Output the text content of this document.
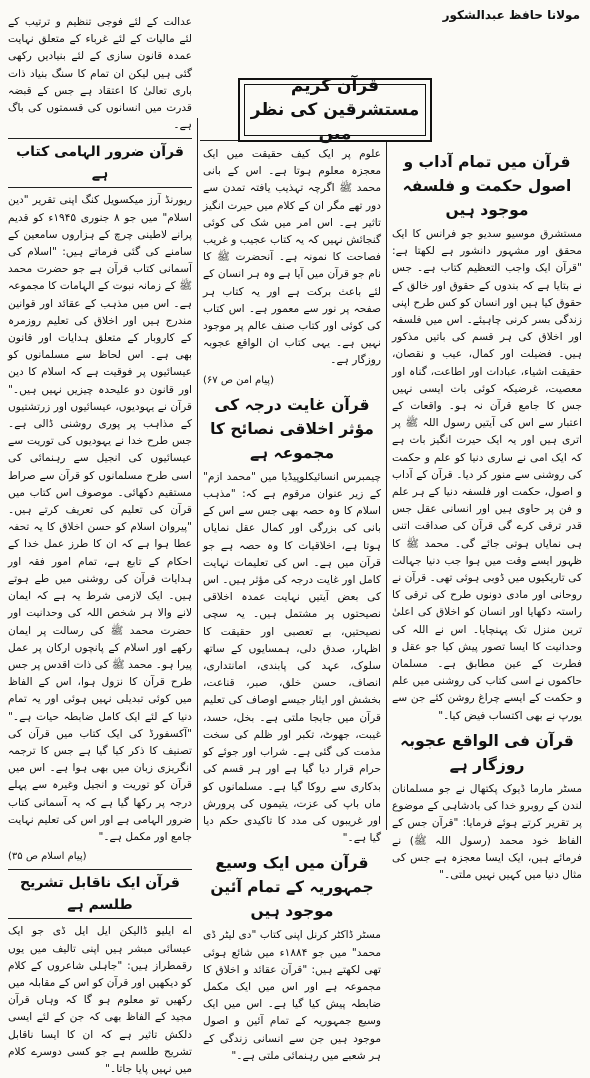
مولانا حافظ عبدالشکور
قرآن کریم مستشرقین کی نظر میں

عدالت کے لئے فوجی تنظیم و ترتیب کے لئے مالیات کے لئے غرباء کے متعلق نہایت عمدہ قانون سازی کے لئے بنیادیں رکھی گئی ہیں لیکن ان تمام کا سنگ بنیاد ذات باری تعالیٰ کا اعتقاد ہے جس کے قبضہ قدرت میں انسانوں کی قسمتوں کی باگ ہے۔

قرآن ضرور الہامی کتاب ہے

ریورنڈ آرز میکسویل کنگ اپنی تقریر "دین اسلام" میں جو ۸ جنوری ۱۹۴۵ء کو قدیم پرانے لاطینی چرچ کے ہزاروں سامعین کے سامنے کی گئی فرماتے ہیں: "اسلام کی آسمانی کتاب قرآن ہے جو حضرت محمد ﷺ کے زمانہ نبوت کے الہامات کا مجموعہ ہے۔ اس میں مذہب کے عقائد اور قوانین مندرج ہیں اور اخلاق کی تعلیم روزمرہ کے کاروبار کے متعلق ہدایات اور قانون بھی ہے۔ اس لحاظ سے مسلمانوں کو عیسائیوں پر فوقیت ہے کہ اسلام کا دین اور قانون دو علیحدہ چیزیں نہیں ہیں۔" قرآن نے یہودیوں، عیسائیوں اور زرتشتیوں کے مذاہب پر پوری روشنی ڈالی ہے۔ جس طرح خدا نے یہودیوں کی توریت سے عیسائیوں کی انجیل سے رہنمائی کی اسی طرح مسلمانوں کو قرآن سے صراط مستقیم دکھائی۔ موصوف اس کتاب میں قرآن کی تعلیم کی تعریف کرتے ہیں۔ "پیروان اسلام کو حسن اخلاق کا یہ تحفہ عطا ہوا ہے کہ ان کا طرز عمل خدا کے احکام کے تابع ہے، تمام امور فقہ اور ہدایات قرآن کی روشنی میں طے ہوتے ہیں۔ ایک لازمی شرط یہ ہے کہ ایمان لانے والا ہر شخص اللہ کی وحدانیت اور حضرت محمد ﷺ کی رسالت پر ایمان رکھے اور اسلام کے پانچوں ارکان پر عمل پیرا ہو۔ محمد ﷺ کی ذات اقدس پر جس طرح قرآن کا نزول ہوا، اس کے الفاظ میں کوئی تبدیلی نہیں ہوئی اور یہ تمام دنیا کے لئے ایک کامل ضابطہ حیات ہے۔" "آکسفورڈ کی ایک کتاب میں قرآن کی تصنیف کا ذکر کیا گیا ہے جس کا ترجمہ انگریزی زبان میں بھی ہوا ہے۔ اس میں قرآن کو توریت و انجیل وغیرہ سے پہلے درجہ پر رکھا گیا ہے کہ یہ آسمانی کتاب ضرور الہامی ہے اور اس کی تعلیم نہایت جامع اور مکمل ہے۔"

(پیام اسلام ص ۳۵)

قرآن ایک ناقابل تشریح طلسم ہے

اے ایلیو ڈالیکن ایل ایل ڈی جو ایک عیسائی مبشر ہیں اپنی تالیف میں یوں رقمطراز ہیں: "جاہلی شاعروں کے کلام کو دیکھیں اور قرآن کو اس کے مقابلہ میں رکھیں تو معلوم ہو گا کہ وہاں قرآن مجید کے الفاظ بھی کہ جن کے لئے ایسی دلکش تاثیر ہے کہ ان کا ایسا ناقابل تشریح طلسم ہے جو کسی دوسرے کلام میں نہیں پایا جاتا۔"

علوم پر ایک کیف حقیقت میں ایک معجزہ معلوم ہوتا ہے۔ اس کے بانی محمد ﷺ اگرچہ تہذیب یافتہ تمدن سے دور تھے مگر ان کے کلام میں حیرت انگیز تاثیر ہے۔ اس امر میں شک کی کوئی گنجائش نہیں کہ یہ کتاب عجیب و غریب فصاحت کا نمونہ ہے۔ آنحضرت ﷺ کا نام جو قرآن میں آیا ہے وہ ہر انسان کے لئے باعث برکت ہے اور یہ کتاب ہر صفحہ پر نور سے معمور ہے۔ اس کتاب کی کوئی اور کتاب صنف عالم پر موجود نہیں ہے۔ یہی کتاب ان الواقع عجوبہ روزگار ہے۔

(پیام امن ص ۶۷)

قرآن غایت درجہ کی مؤثر اخلاقی نصائح کا مجموعہ ہے

چیمبرس انسائیکلوپیڈیا میں "محمد ازم" کے زیر عنوان مرقوم ہے کہ: "مذہب اسلام کا وہ حصہ بھی جس سے اس کے بانی کی بزرگی اور کمال عقل نمایاں ہوتا ہے، اخلاقیات کا وہ حصہ ہے جو قرآن میں ہے۔ اس کی تعلیمات نہایت کامل اور غایت درجہ کی مؤثر ہیں۔ اس کی بعض آیتیں نہایت عمدہ اخلاقی نصیحتوں پر مشتمل ہیں۔ یہ سچی نصیحتیں، بے تعصبی اور حقیقت کا اظہار، صدق دلی، ہمسایوں کے ساتھ سلوک، عہد کی پابندی، امانتداری، انصاف، حسن خلق، صبر، قناعت، بخشش اور ایثار جیسے اوصاف کی تعلیم قرآن میں جابجا ملتی ہے۔ بخل، حسد، غیبت، جھوٹ، تکبر اور ظلم کی سخت مذمت کی گئی ہے۔ شراب اور جوئے کو حرام قرار دیا گیا ہے اور ہر قسم کی بدکاری سے روکا گیا ہے۔ مسلمانوں کو ماں باپ کی عزت، یتیموں کی پرورش اور غریبوں کی مدد کا تاکیدی حکم دیا گیا ہے۔"

قرآن میں ایک وسیع جمہوریہ کے تمام آئین موجود ہیں

مسٹر ڈاکٹر کرنل اپنی کتاب "دی لیٹر ڈی محمد" میں جو ۱۸۸۴ء میں شائع ہوئی تھی لکھتے ہیں: "قرآن عقائد و اخلاق کا مجموعہ ہے اور اس میں ایک مکمل ضابطہ پیش کیا گیا ہے۔ اس میں ایک وسیع جمہوریہ کے تمام آئین و اصول موجود ہیں جن سے انسانی زندگی کے ہر شعبے میں رہنمائی ملتی ہے۔"

قرآن میں تمام آداب و اصول حکمت و فلسفہ موجود ہیں

مستشرق موسیو سدیو جو فرانس کا ایک محقق اور مشہور دانشور ہے لکھتا ہے: "قرآن ایک واجب التعظیم کتاب ہے۔ جس نے بتایا ہے کہ بندوں کے حقوق اور خالق کے حقوق کیا ہیں اور انسان کو کس طرح اپنی زندگی بسر کرنی چاہیئے۔ اس میں فلسفہ اور اخلاق کی ہر قسم کی باتیں مذکور ہیں۔ فضیلت اور کمال، عیب و نقصان، حقیقت اشیاء، عبادات اور اطاعت، گناہ اور معصیت، غرضیکہ کوئی بات ایسی نہیں جس کا جامع قرآن نہ ہو۔ واقعات کے اعتبار سے اس کی آیتیں رسول اللہ ﷺ پر اتری ہیں اور یہ ایک حیرت انگیز بات ہے کہ ایک امی نے ساری دنیا کو علم و حکمت کی روشنی سے منور کر دیا۔ قرآن کے آداب و اصول، حکمت اور فلسفہ دنیا کے ہر علم و فن پر حاوی ہیں اور انسانی عقل جس قدر ترقی کرے گی قرآن کی صداقت اتنی ہی نمایاں ہوتی جائے گی۔ محمد ﷺ کا ظہور ایسے وقت میں ہوا جب دنیا جہالت کی تاریکیوں میں ڈوبی ہوئی تھی۔ قرآن نے روحانی اور مادی دونوں طرح کی ترقی کا راستہ دکھایا اور انسان کو اخلاق کی اعلیٰ ترین منزل تک پہنچایا۔ اس نے اللہ کی وحدانیت کا ایسا تصور پیش کیا جو عقل و فطرت کے عین مطابق ہے۔ مسلمان حاکموں نے اسی کتاب کی روشنی میں علم و حکمت کے ایسے چراغ روشن کئے جن سے یورپ نے بھی اکتساب فیض کیا۔"

قرآن فی الواقع عجوبہ روزگار ہے

مسٹر مارما ڈیوک پکتھال نے جو مسلمانان لندن کے روبرو خدا کی بادشاہی کے موضوع پر تقریر کرتے ہوئے فرمایا: "قرآن جس کے الفاظ خود محمد (رسول اللہ ﷺ) نے فرمائے ہیں، ایک ایسا معجزہ ہے جس کی مثال دنیا میں کہیں نہیں ملتی۔"
